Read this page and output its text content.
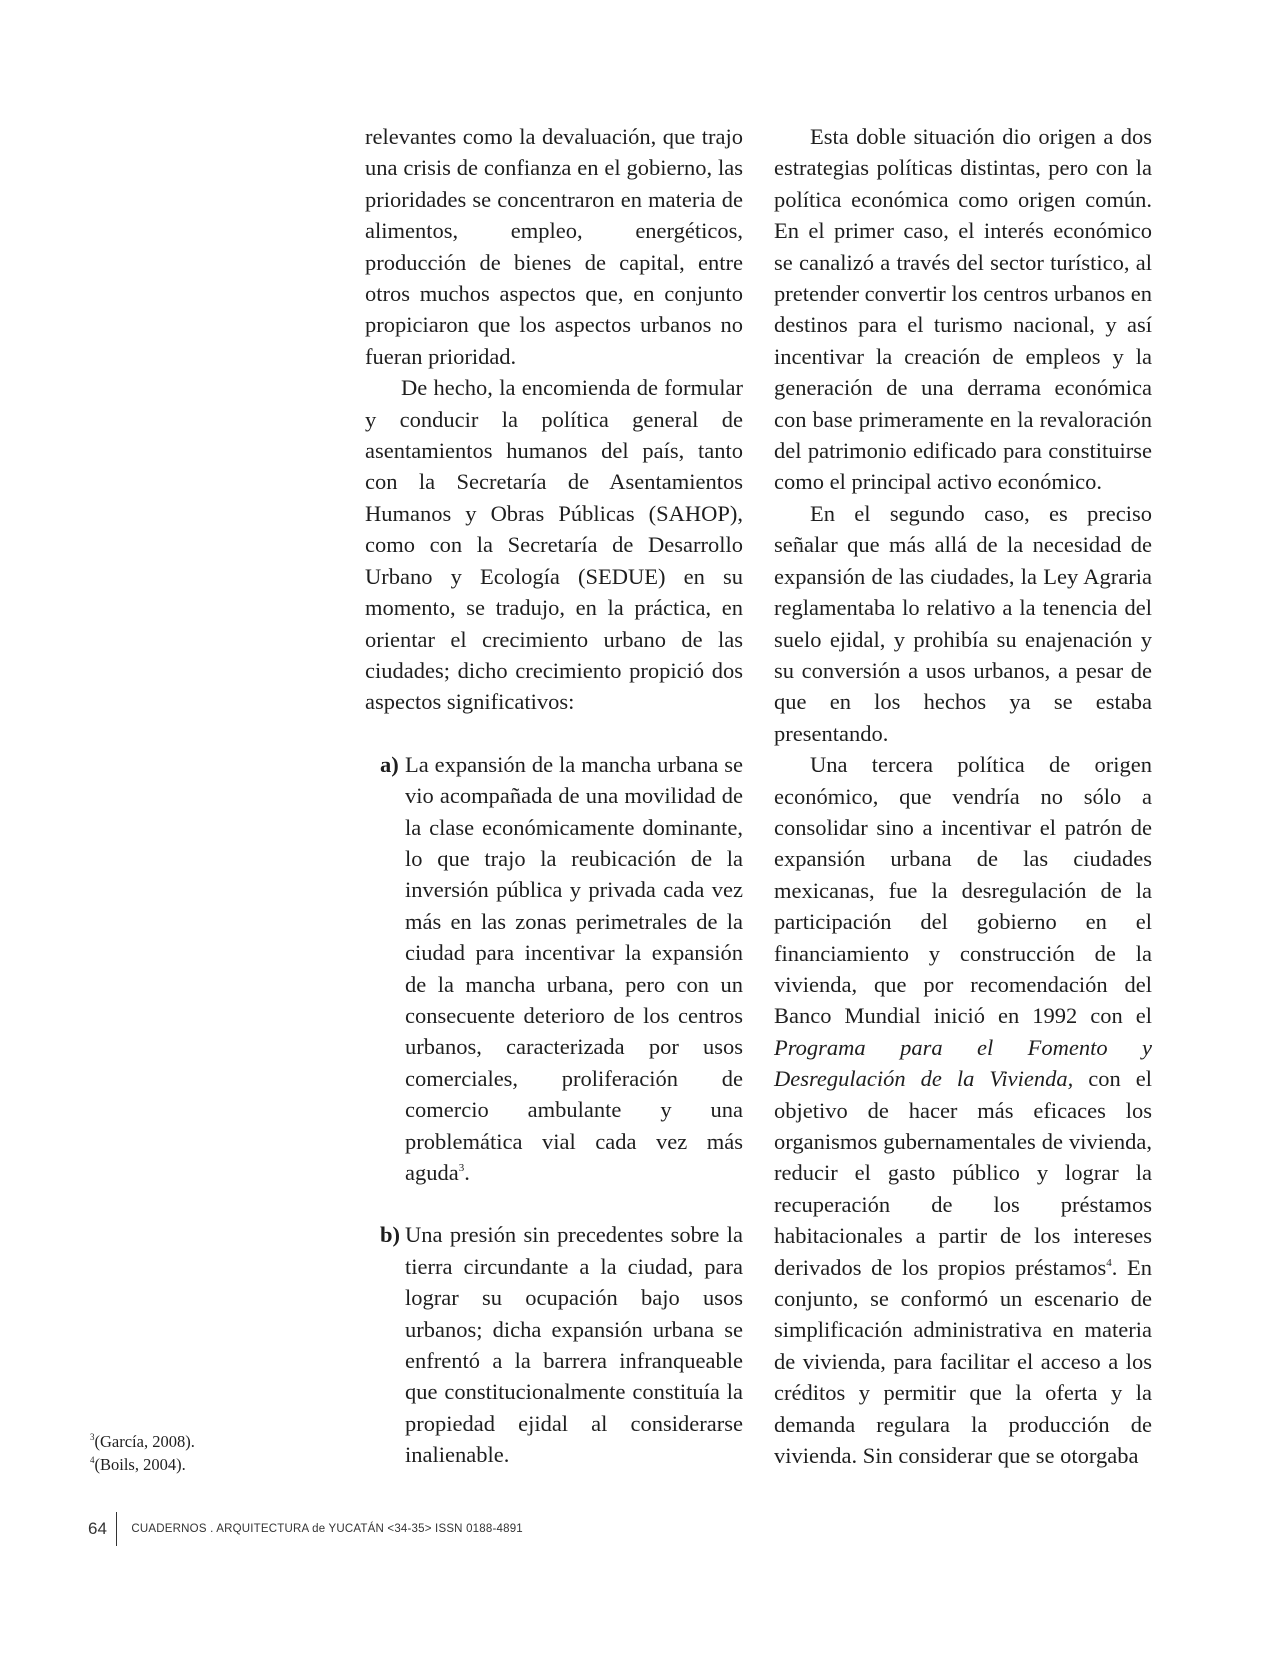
relevantes como la devaluación, que trajo una crisis de confianza en el gobierno, las prioridades se concentraron en materia de alimentos, empleo, energéticos, producción de bienes de capital, entre otros muchos aspectos que, en conjunto propiciaron que los aspectos urbanos no fueran prioridad.

De hecho, la encomienda de formular y conducir la política general de asentamientos humanos del país, tanto con la Secretaría de Asentamientos Humanos y Obras Públicas (SAHOP), como con la Secretaría de Desarrollo Urbano y Ecología (SEDUE) en su momento, se tradujo, en la práctica, en orientar el crecimiento urbano de las ciudades; dicho crecimiento propició dos aspectos significativos:

a) La expansión de la mancha urbana se vio acompañada de una movilidad de la clase económicamente dominante, lo que trajo la reubicación de la inversión pública y privada cada vez más en las zonas perimetrales de la ciudad para incentivar la expansión de la mancha urbana, pero con un consecuente deterioro de los centros urbanos, caracterizada por usos comerciales, proliferación de comercio ambulante y una problemática vial cada vez más aguda$^3$.
b) Una presión sin precedentes sobre la tierra circundante a la ciudad, para lograr su ocupación bajo usos urbanos; dicha expansión urbana se enfrentó a la barrera infranqueable que constitucionalmente constituía la propiedad ejidal al considerarse inalienable.

Esta doble situación dio origen a dos estrategias políticas distintas, pero con la política económica como origen común. En el primer caso, el interés económico se canalizó a través del sector turístico, al pretender convertir los centros urbanos en destinos para el turismo nacional, y así incentivar la creación de empleos y la generación de una derrama económica con base primeramente en la revaloración del patrimonio edificado para constituirse como el principal activo económico.

En el segundo caso, es preciso señalar que más allá de la necesidad de expansión de las ciudades, la Ley Agraria reglamentaba lo relativo a la tenencia del suelo ejidal, y prohibía su enajenación y su conversión a usos urbanos, a pesar de que en los hechos ya se estaba presentando.

Una tercera política de origen económico, que vendría no sólo a consolidar sino a incentivar el patrón de expansión urbana de las ciudades mexicanas, fue la desregulación de la participación del gobierno en el financiamiento y construcción de la vivienda, que por recomendación del Banco Mundial inició en 1992 con el Programa para el Fomento y Desregulación de la Vivienda, con el objetivo de hacer más eficaces los organismos gubernamentales de vivienda, reducir el gasto público y lograr la recuperación de los préstamos habitacionales a partir de los intereses derivados de los propios préstamos$^4$. En conjunto, se conformó un escenario de simplificación administrativa en materia de vivienda, para facilitar el acceso a los créditos y permitir que la oferta y la demanda regulara la producción de vivienda. Sin considerar que se otorgaba

$^3$(García, 2008).
$^4$(Boils, 2004).
64 CUADERNOS . ARQUITECTURA de YUCATÁN <34-35> ISSN 0188-4891
